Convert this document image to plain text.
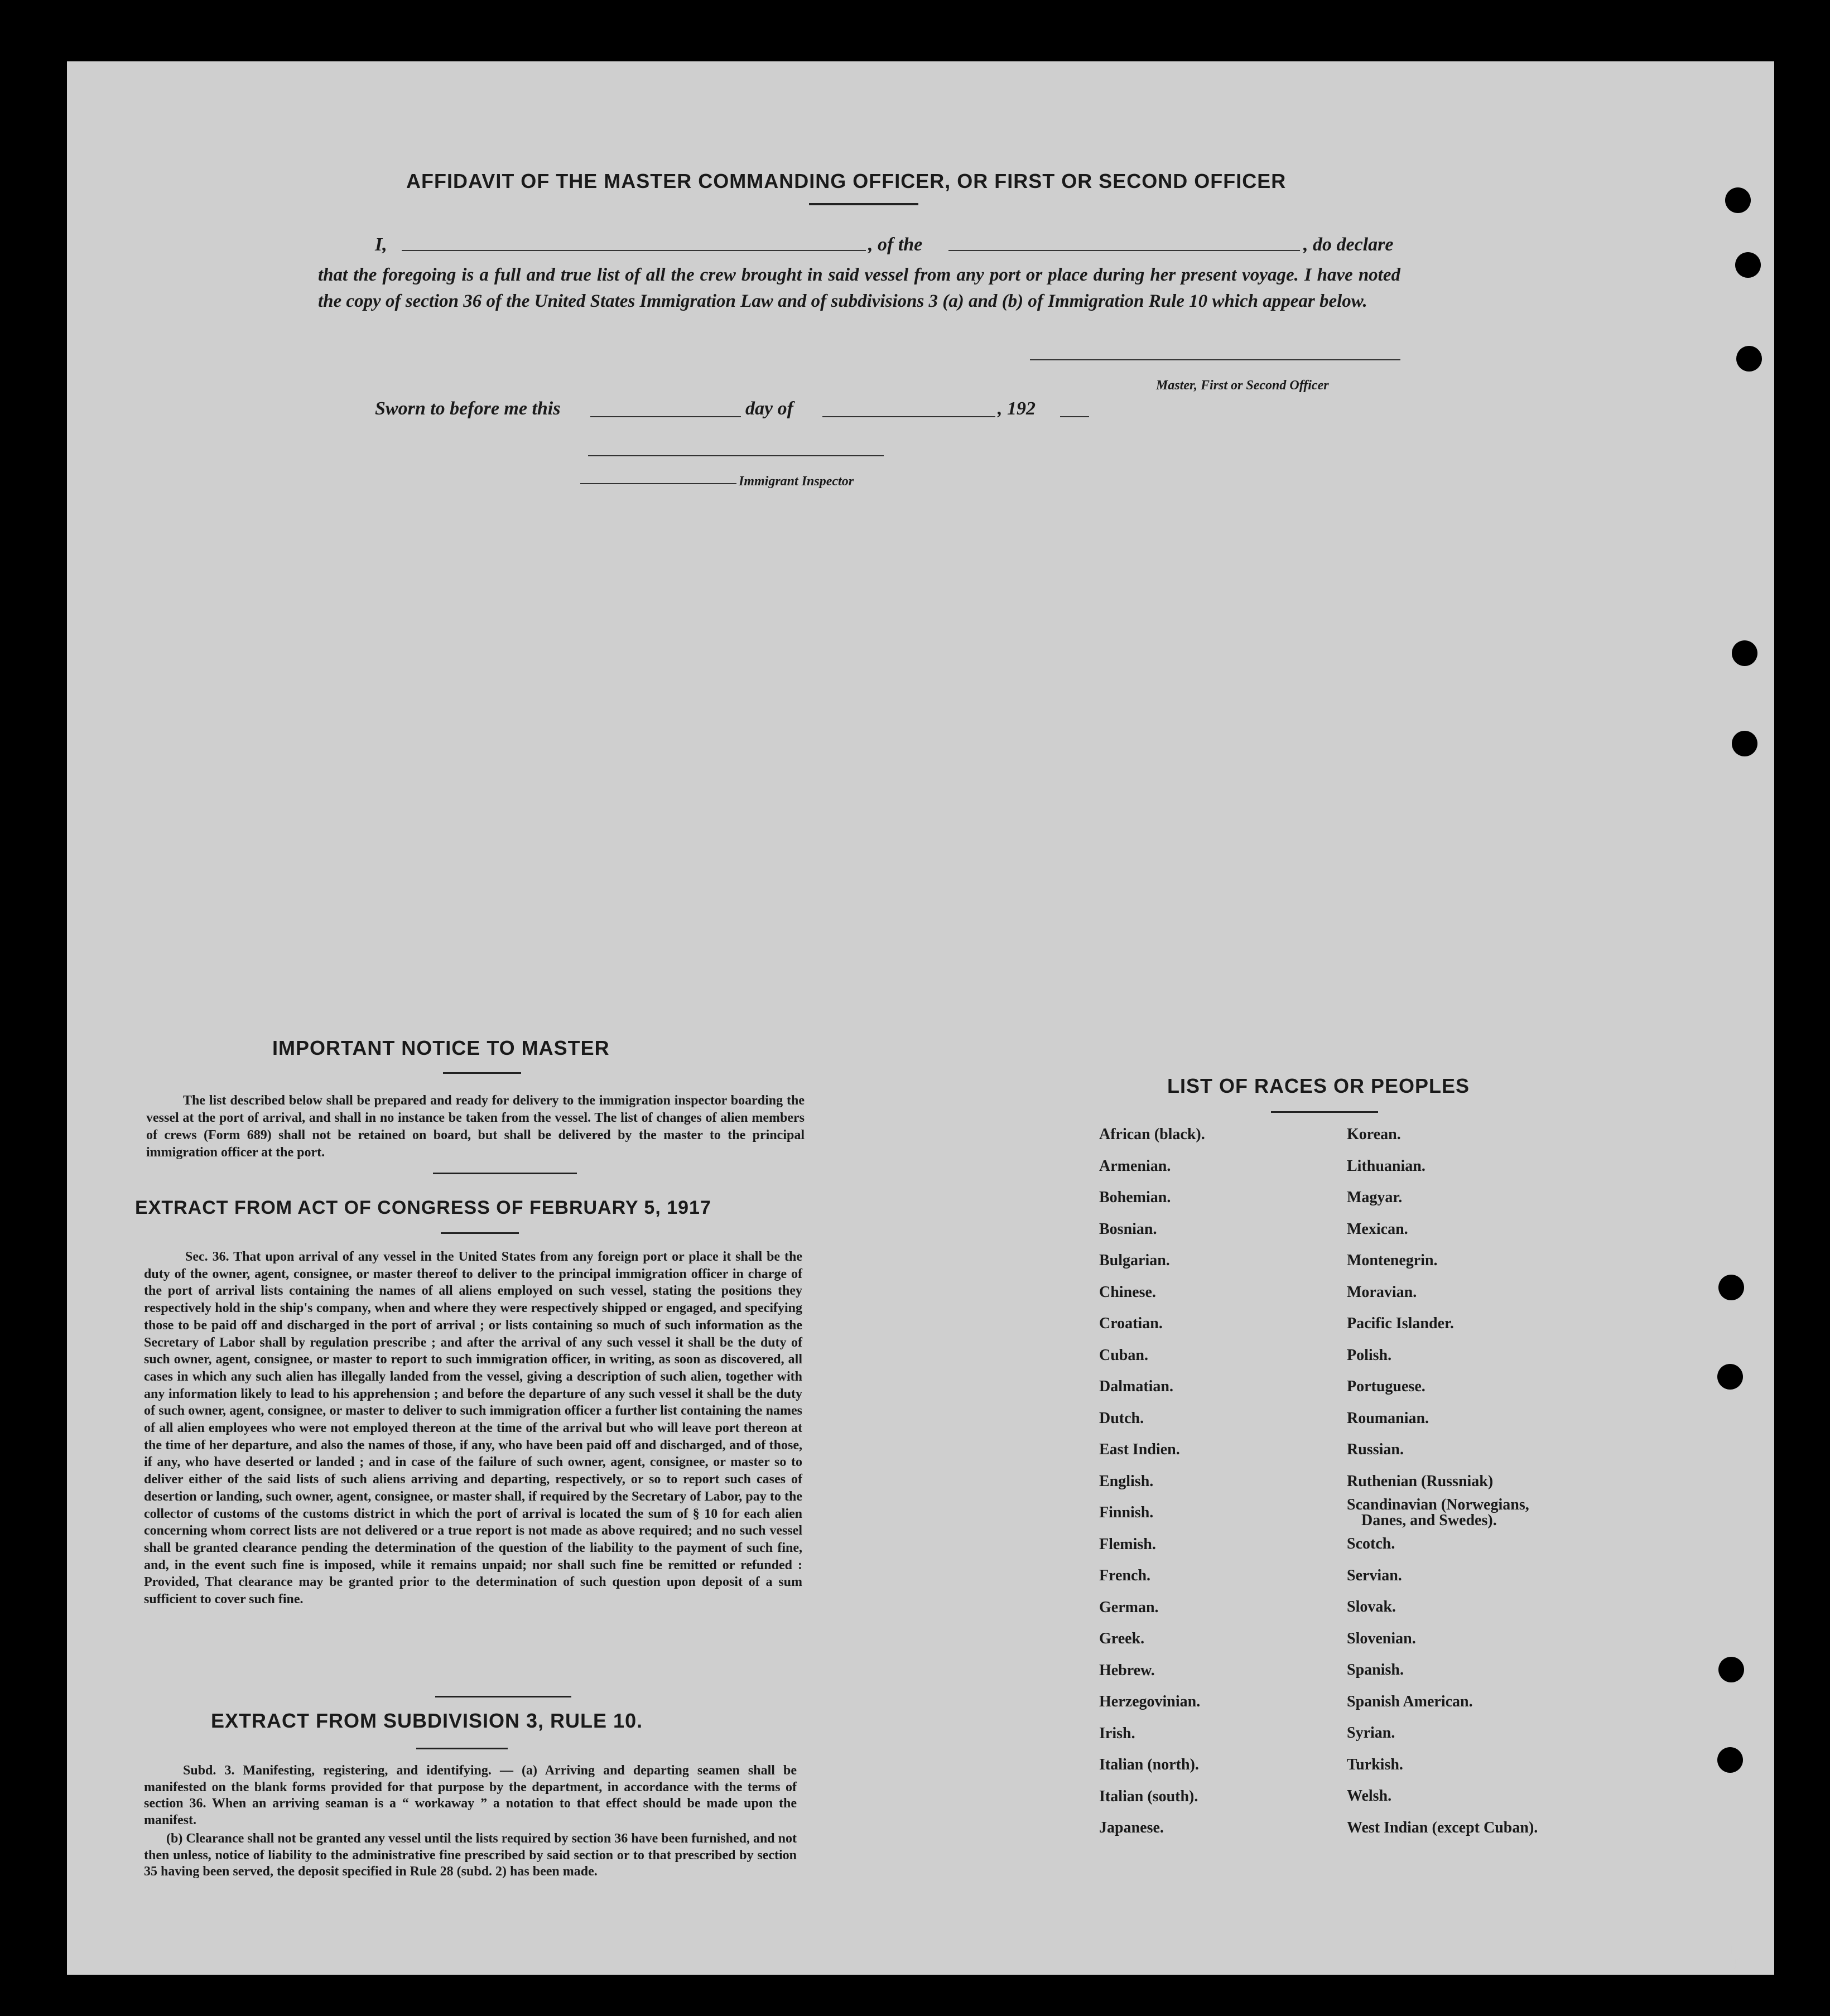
AFFIDAVIT OF THE MASTER COMMANDING OFFICER, OR FIRST OR SECOND OFFICER
I,	, of the	, do declare
that the foregoing is a full and true list of all the crew brought in said vessel from any port or place during her present voyage. I have noted the copy of section 36 of the United States Immigration Law and of subdivisions 3 (a) and (b) of Immigration Rule 10 which appear below.
Master, First or Second Officer
Sworn to before me this	day of	, 192
Immigrant Inspector
IMPORTANT NOTICE TO MASTER
The list described below shall be prepared and ready for delivery to the immigration inspector boarding the vessel at the port of arrival, and shall in no instance be taken from the vessel. The list of changes of alien members of crews (Form 689) shall not be retained on board, but shall be delivered by the master to the principal immigration officer at the port.
EXTRACT FROM ACT OF CONGRESS OF FEBRUARY 5, 1917
Sec. 36. That upon arrival of any vessel in the United States from any foreign port or place it shall be the duty of the owner, agent, consignee, or master thereof to deliver to the principal immigration officer in charge of the port of arrival lists containing the names of all aliens employed on such vessel, stating the positions they respectively hold in the ship's company, when and where they were respectively shipped or engaged, and specifying those to be paid off and discharged in the port of arrival ; or lists containing so much of such information as the Secretary of Labor shall by regulation prescribe ; and after the arrival of any such vessel it shall be the duty of such owner, agent, consignee, or master to report to such immigration officer, in writing, as soon as discovered, all cases in which any such alien has illegally landed from the vessel, giving a description of such alien, together with any information likely to lead to his apprehension ; and before the departure of any such vessel it shall be the duty of such owner, agent, consignee, or master to deliver to such immigration officer a further list containing the names of all alien employees who were not employed thereon at the time of the arrival but who will leave port thereon at the time of her departure, and also the names of those, if any, who have been paid off and discharged, and of those, if any, who have deserted or landed ; and in case of the failure of such owner, agent, consignee, or master so to deliver either of the said lists of such aliens arriving and departing, respectively, or so to report such cases of desertion or landing, such owner, agent, consignee, or master shall, if required by the Secretary of Labor, pay to the collector of customs of the customs district in which the port of arrival is located the sum of § 10 for each alien concerning whom correct lists are not delivered or a true report is not made as above required; and no such vessel shall be granted clearance pending the determination of the question of the liability to the payment of such fine, and, in the event such fine is imposed, while it remains unpaid; nor shall such fine be remitted or refunded : Provided, That clearance may be granted prior to the determination of such question upon deposit of a sum sufficient to cover such fine.
EXTRACT FROM SUBDIVISION 3, RULE 10.
Subd. 3. Manifesting, registering, and identifying. — (a) Arriving and departing seamen shall be manifested on the blank forms provided for that purpose by the department, in accordance with the terms of section 36. When an arriving seaman is a “ workaway ” a notation to that effect should be made upon the manifest.
(b) Clearance shall not be granted any vessel until the lists required by section 36 have been furnished, and not then unless, notice of liability to the administrative fine prescribed by said section or to that prescribed by section 35 having been served, the deposit specified in Rule 28 (subd. 2) has been made.
LIST OF RACES OR PEOPLES
African (black).
Armenian.
Bohemian.
Bosnian.
Bulgarian.
Chinese.
Croatian.
Cuban.
Dalmatian.
Dutch.
East Indien.
English.
Finnish.
Flemish.
French.
German.
Greek.
Hebrew.
Herzegovinian.
Irish.
Italian (north).
Italian (south).
Japanese.
Korean.
Lithuanian.
Magyar.
Mexican.
Montenegrin.
Moravian.
Pacific Islander.
Polish.
Portuguese.
Roumanian.
Russian.
Ruthenian (Russniak)
Scandinavian (Norwegians,
Danes, and Swedes).
Scotch.
Servian.
Slovak.
Slovenian.
Spanish.
Spanish American.
Syrian.
Turkish.
Welsh.
West Indian (except Cuban).
24
